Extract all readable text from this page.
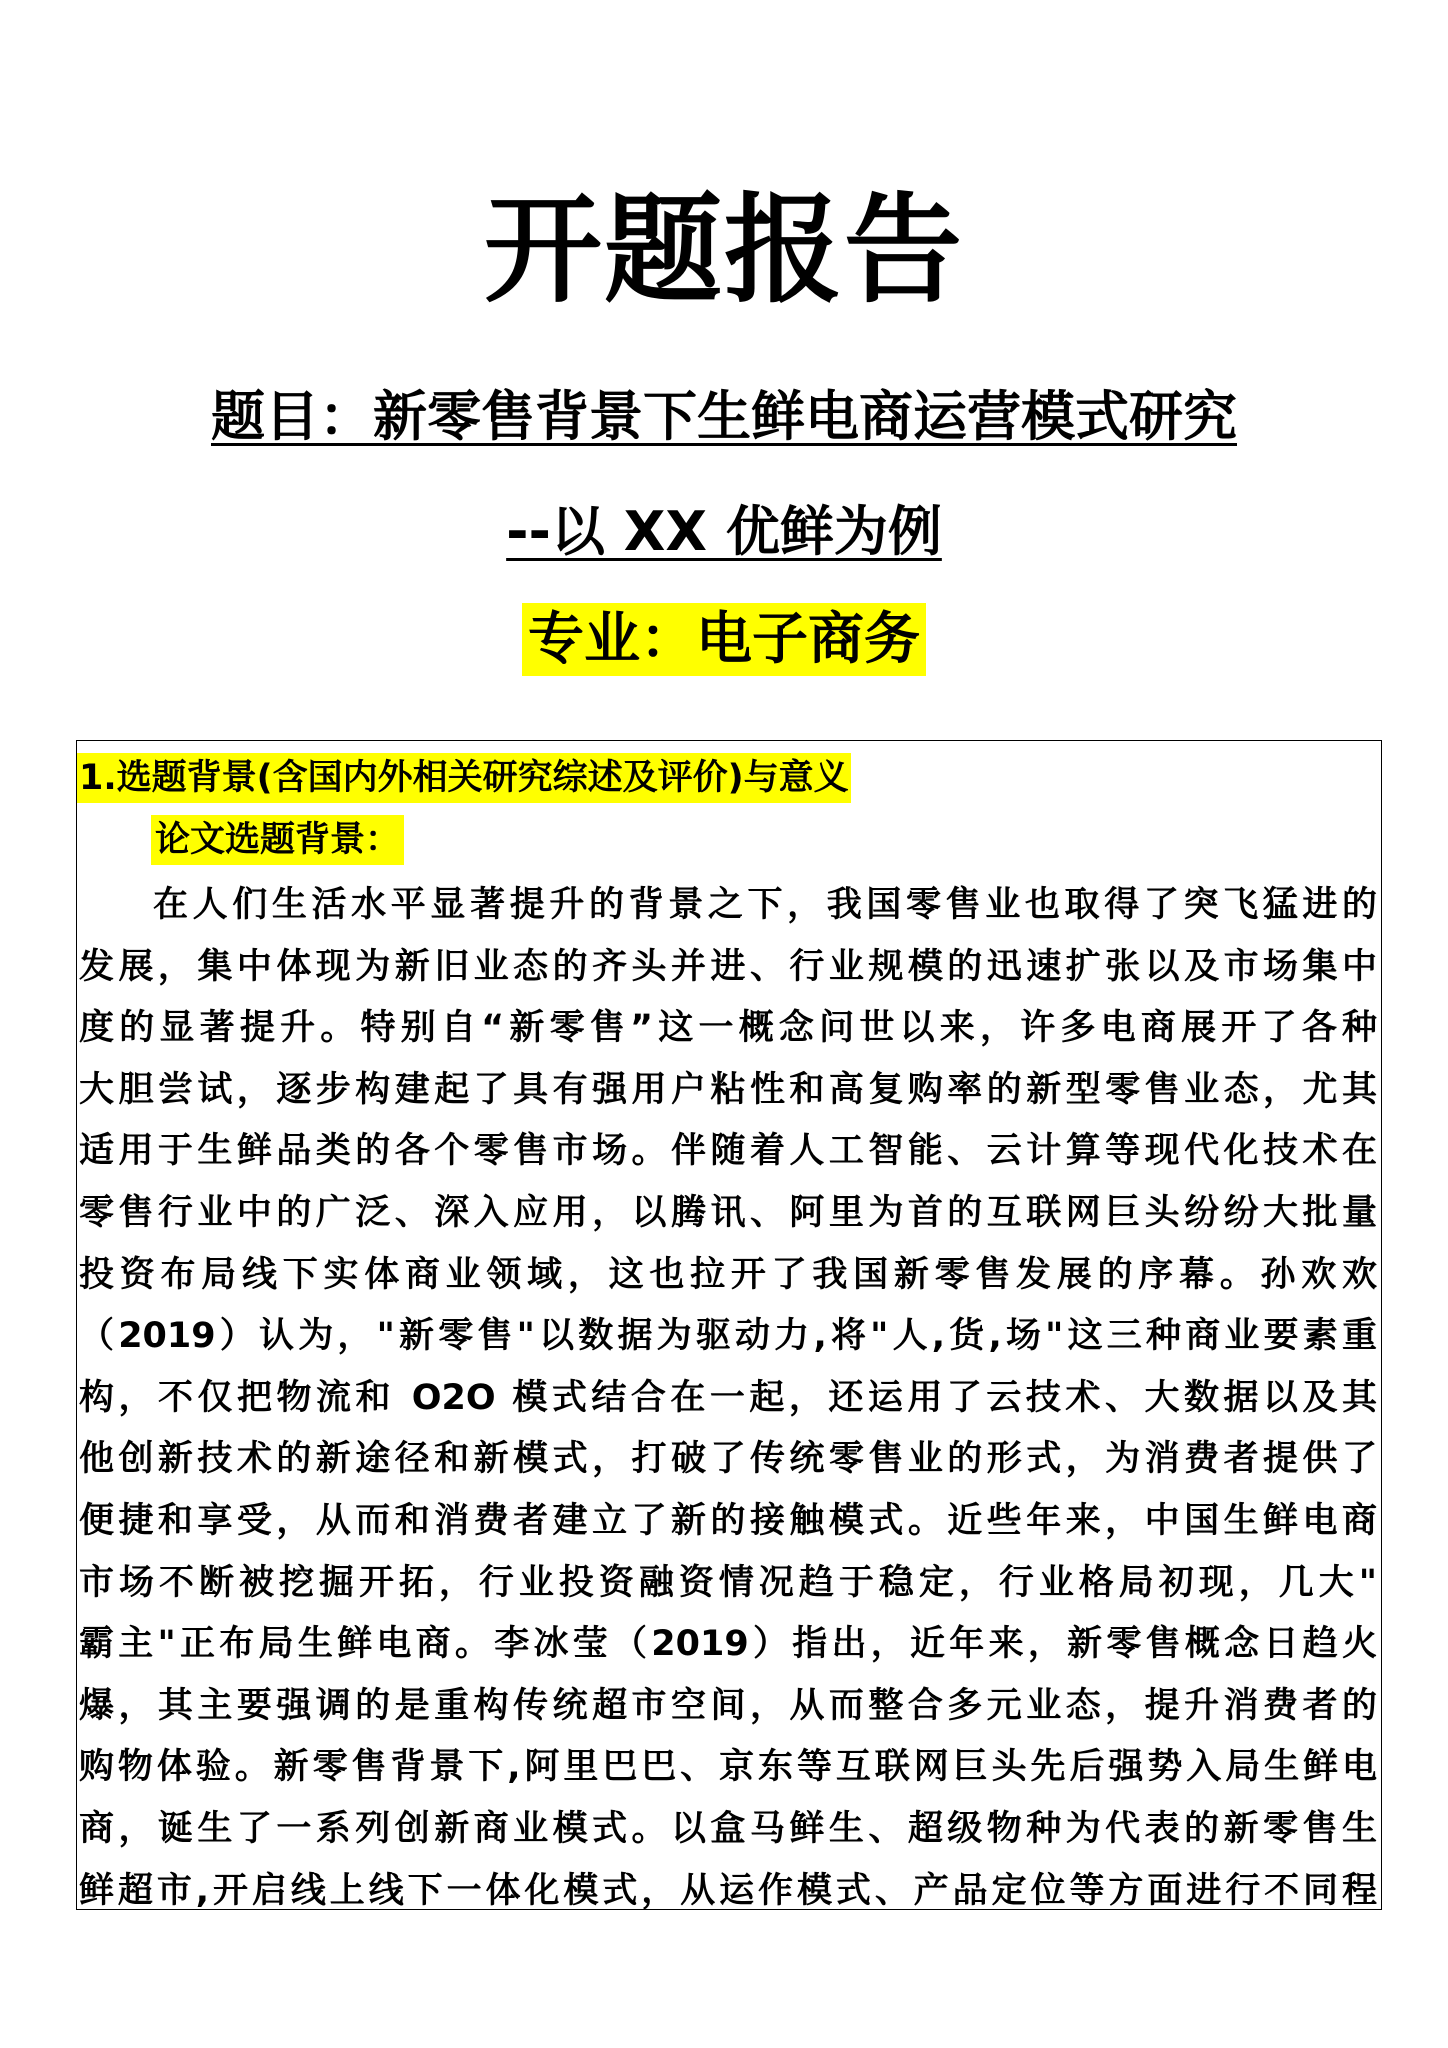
开题报告
题目：新零售背景下生鲜电商运营模式研究
--以 XX 优鲜为例
专业：电子商务
1.选题背景(含国内外相关研究综述及评价)与意义
论文选题背景：
在人们生活水平显著提升的背景之下，我国零售业也取得了突飞猛进的
发展，集中体现为新旧业态的齐头并进、行业规模的迅速扩张以及市场集中
度的显著提升。特别自“新零售”这一概念问世以来，许多电商展开了各种
大胆尝试，逐步构建起了具有强用户粘性和高复购率的新型零售业态，尤其
适用于生鲜品类的各个零售市场。伴随着人工智能、云计算等现代化技术在
零售行业中的广泛、深入应用，以腾讯、阿里为首的互联网巨头纷纷大批量
投资布局线下实体商业领域，这也拉开了我国新零售发展的序幕。孙欢欢
（2019）认为，"新零售"以数据为驱动力,将"人,货,场"这三种商业要素重
构，不仅把物流和 O2O 模式结合在一起，还运用了云技术、大数据以及其
他创新技术的新途径和新模式，打破了传统零售业的形式，为消费者提供了
便捷和享受，从而和消费者建立了新的接触模式。近些年来，中国生鲜电商
市场不断被挖掘开拓，行业投资融资情况趋于稳定，行业格局初现，几大"
霸主"正布局生鲜电商。李冰莹（2019）指出，近年来，新零售概念日趋火
爆，其主要强调的是重构传统超市空间，从而整合多元业态，提升消费者的
购物体验。新零售背景下,阿里巴巴、京东等互联网巨头先后强势入局生鲜电
商，诞生了一系列创新商业模式。以盒马鲜生、超级物种为代表的新零售生
鲜超市,开启线上线下一体化模式，从运作模式、产品定位等方面进行不同程
